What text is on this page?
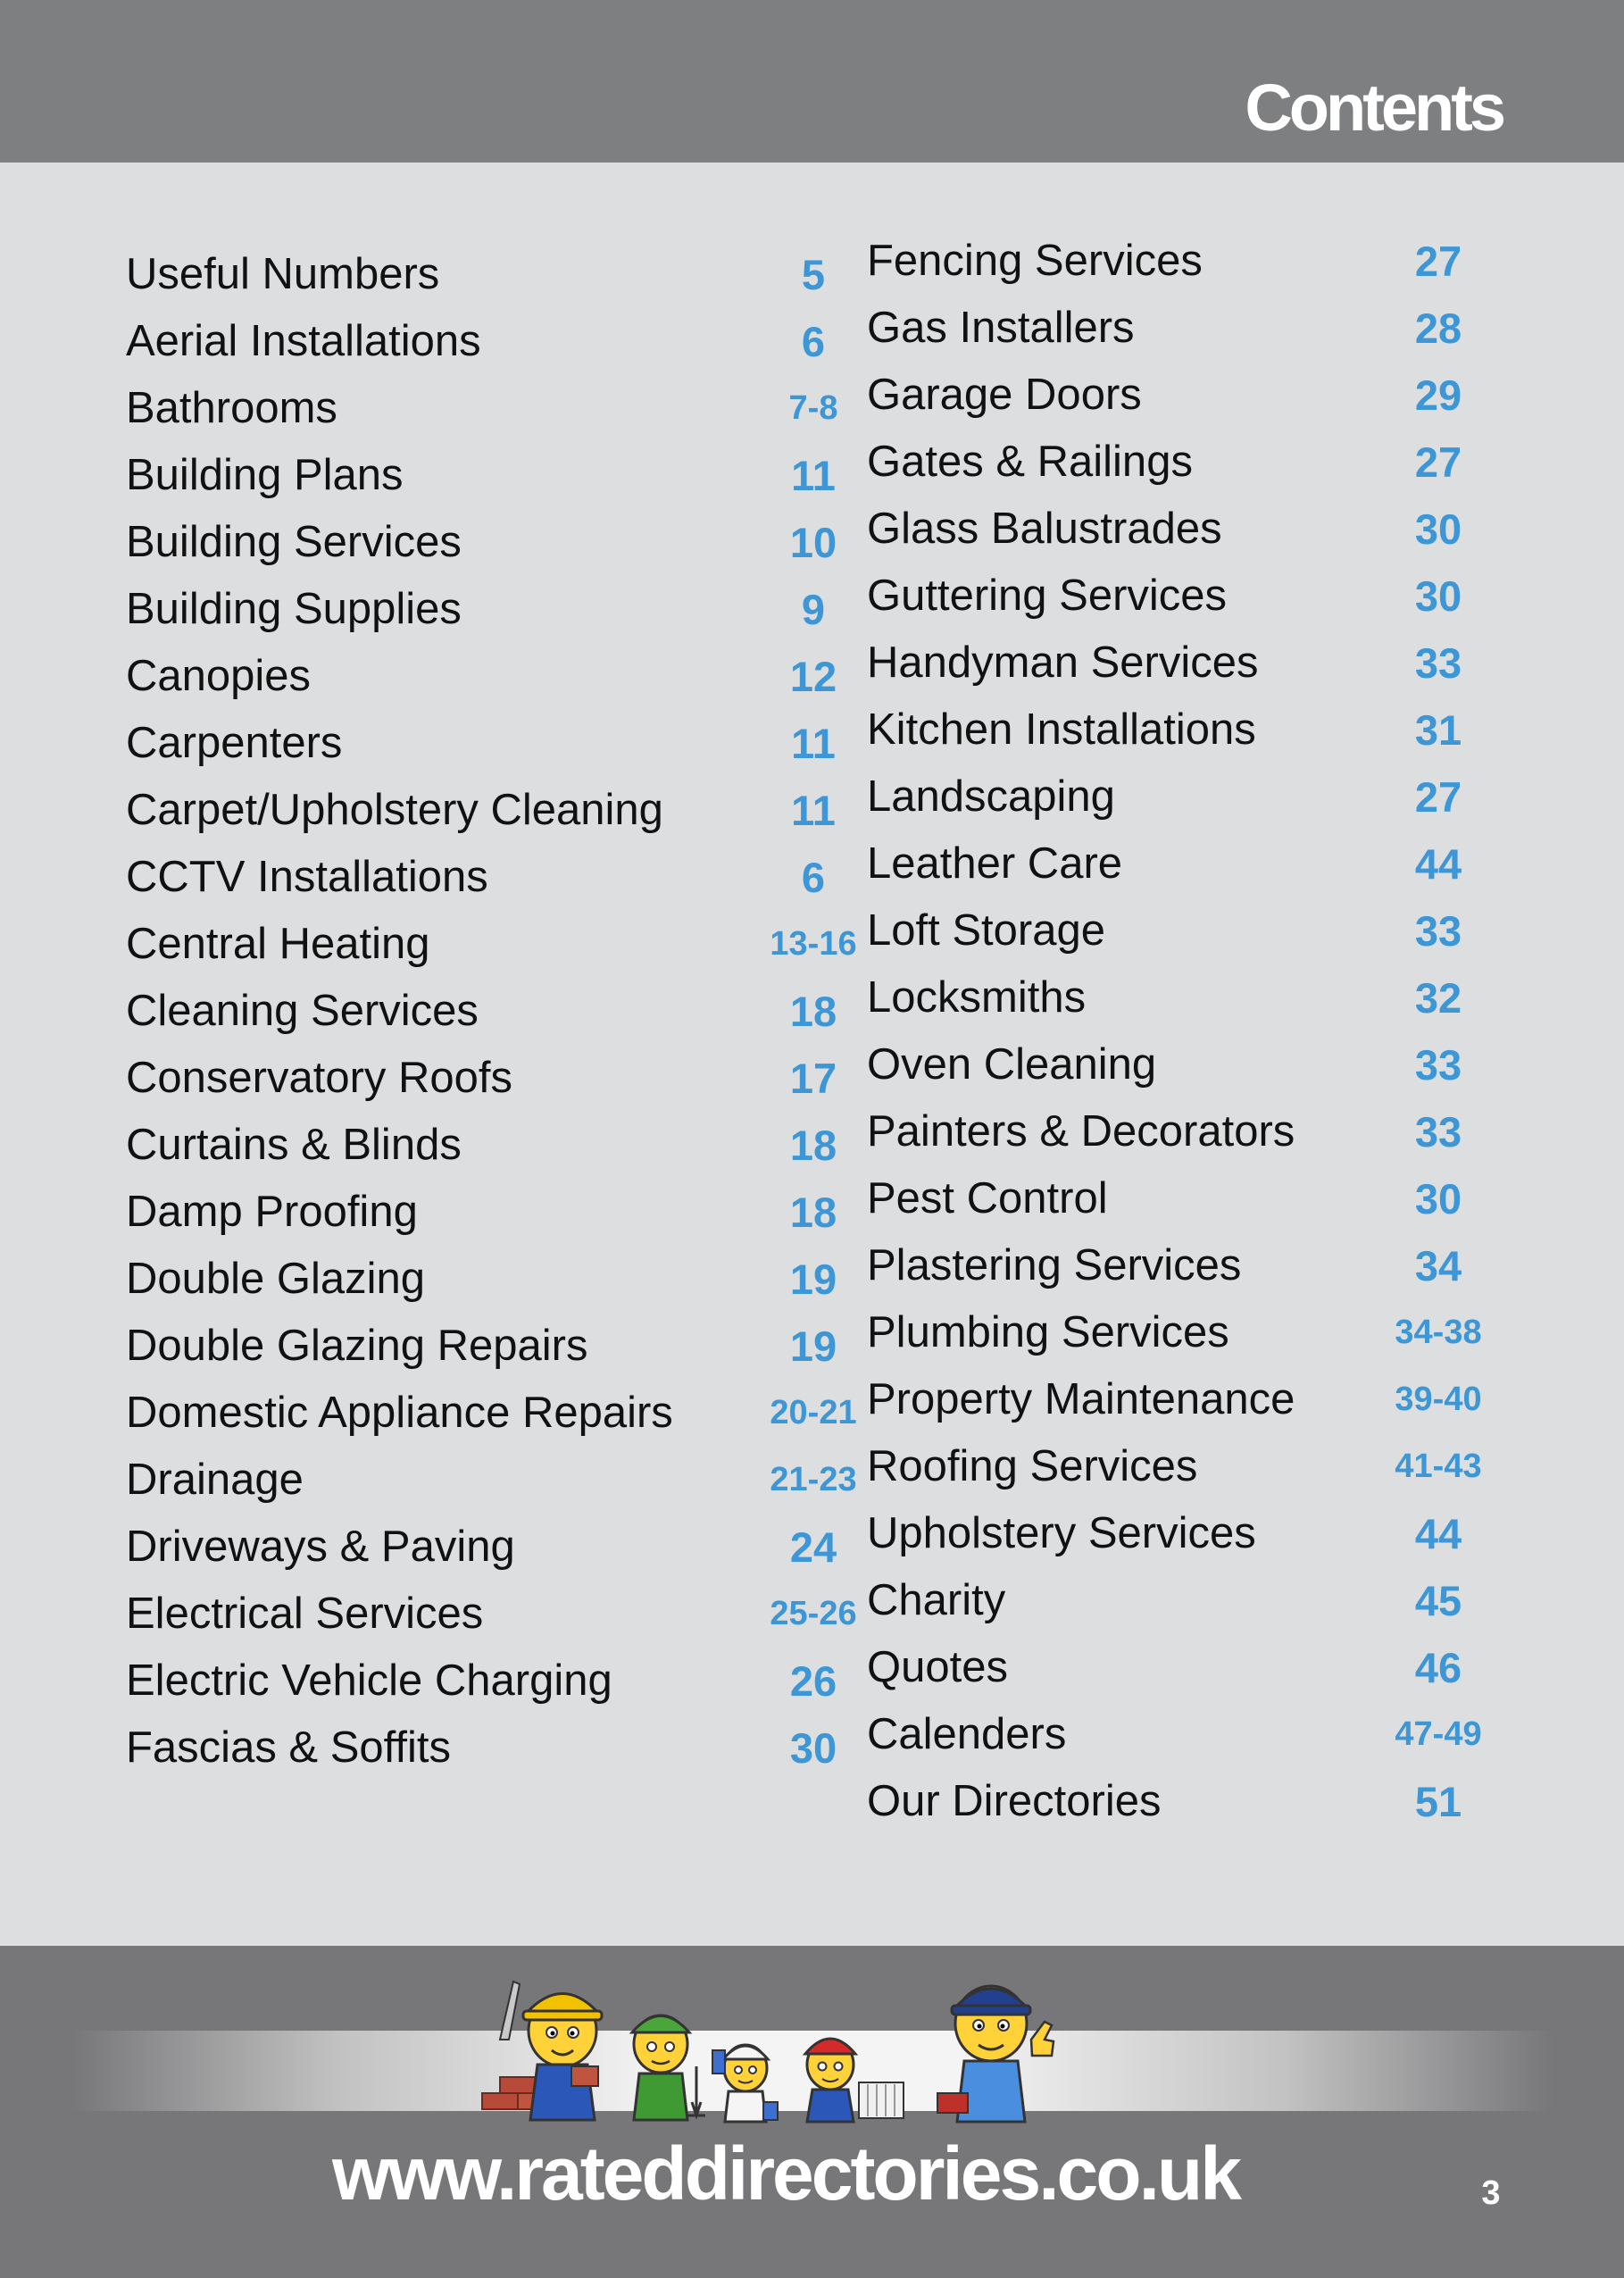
Contents
Useful Numbers	5
Aerial Installations	6
Bathrooms	7-8
Building Plans	11
Building Services	10
Building Supplies	9
Canopies	12
Carpenters	11
Carpet/Upholstery Cleaning	11
CCTV Installations	6
Central Heating	13-16
Cleaning Services	18
Conservatory Roofs	17
Curtains & Blinds	18
Damp Proofing	18
Double Glazing	19
Double Glazing Repairs	19
Domestic Appliance Repairs	20-21
Drainage	21-23
Driveways & Paving	24
Electrical Services	25-26
Electric Vehicle Charging	26
Fascias & Soffits	30
Fencing Services	27
Gas Installers	28
Garage Doors	29
Gates & Railings	27
Glass Balustrades	30
Guttering Services	30
Handyman Services	33
Kitchen Installations	31
Landscaping	27
Leather Care	44
Loft Storage	33
Locksmiths	32
Oven Cleaning	33
Painters & Decorators	33
Pest Control	30
Plastering Services	34
Plumbing Services	34-38
Property Maintenance	39-40
Roofing Services	41-43
Upholstery Services	44
Charity	45
Quotes	46
Calenders	47-49
Our Directories	51
www.rateddirectories.co.uk	3
